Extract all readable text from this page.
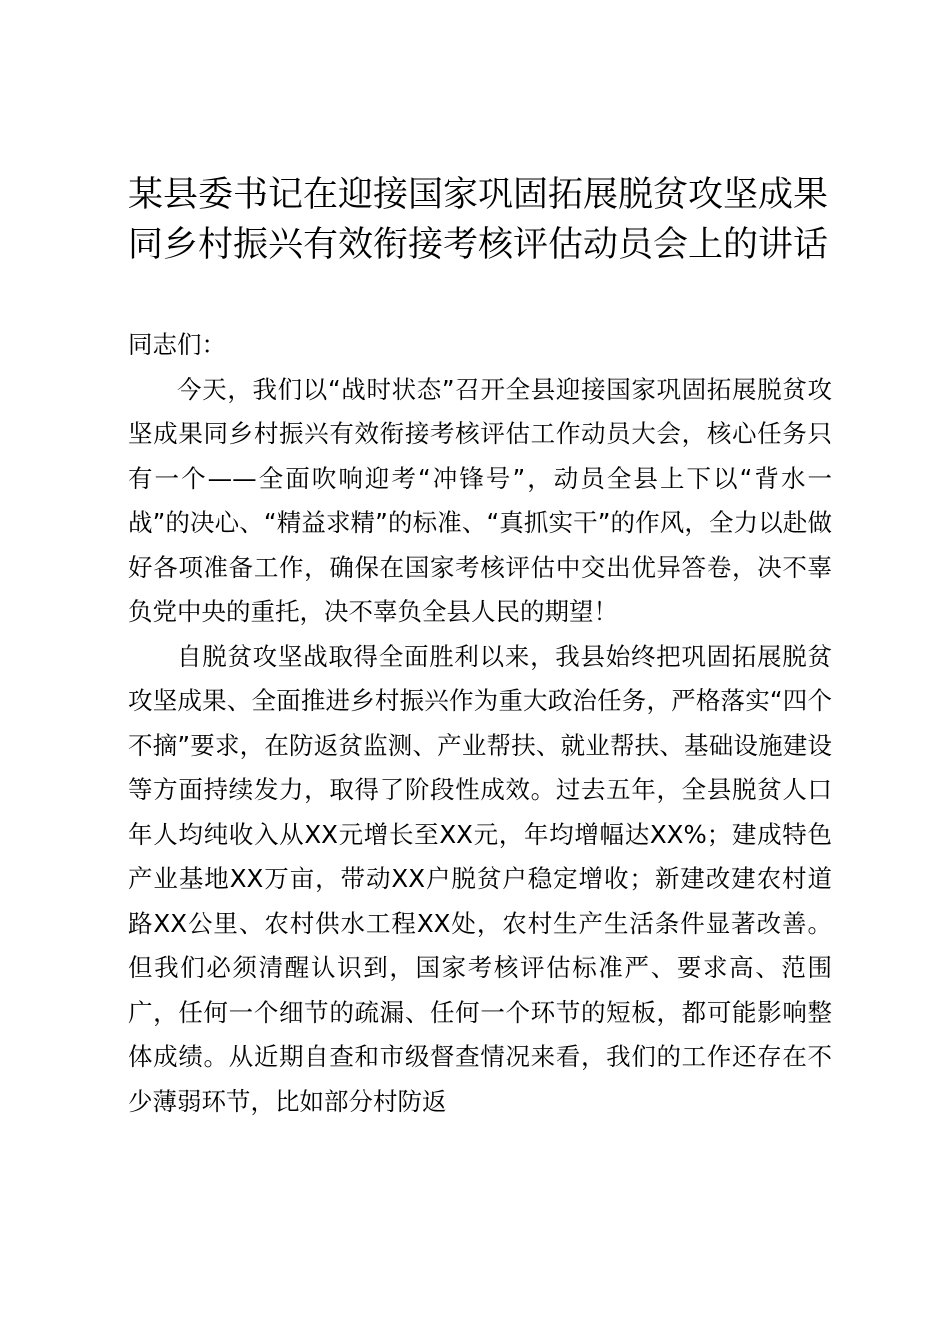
某县委书记在迎接国家巩固拓展脱贫攻坚成果
同乡村振兴有效衔接考核评估动员会上的讲话

同志们：

今天，我们以“战时状态”召开全县迎接国家巩固拓展脱贫攻坚成果同乡村振兴有效衔接考核评估工作动员大会，核心任务只有一个——全面吹响迎考“冲锋号”，动员全县上下以“背水一战”的决心、“精益求精”的标准、“真抓实干”的作风，全力以赴做好各项准备工作，确保在国家考核评估中交出优异答卷，决不辜负党中央的重托，决不辜负全县人民的期望！

自脱贫攻坚战取得全面胜利以来，我县始终把巩固拓展脱贫攻坚成果、全面推进乡村振兴作为重大政治任务，严格落实“四个不摘”要求，在防返贫监测、产业帮扶、就业帮扶、基础设施建设等方面持续发力，取得了阶段性成效。过去五年，全县脱贫人口年人均纯收入从XX元增长至XX元，年均增幅达XX%；建成特色产业基地XX万亩，带动XX户脱贫户稳定增收；新建改建农村道路XX公里、农村供水工程XX处，农村生产生活条件显著改善。但我们必须清醒认识到，国家考核评估标准严、要求高、范围广，任何一个细节的疏漏、任何一个环节的短板，都可能影响整体成绩。从近期自查和市级督查情况来看，我们的工作还存在不少薄弱环节，比如部分村防返
